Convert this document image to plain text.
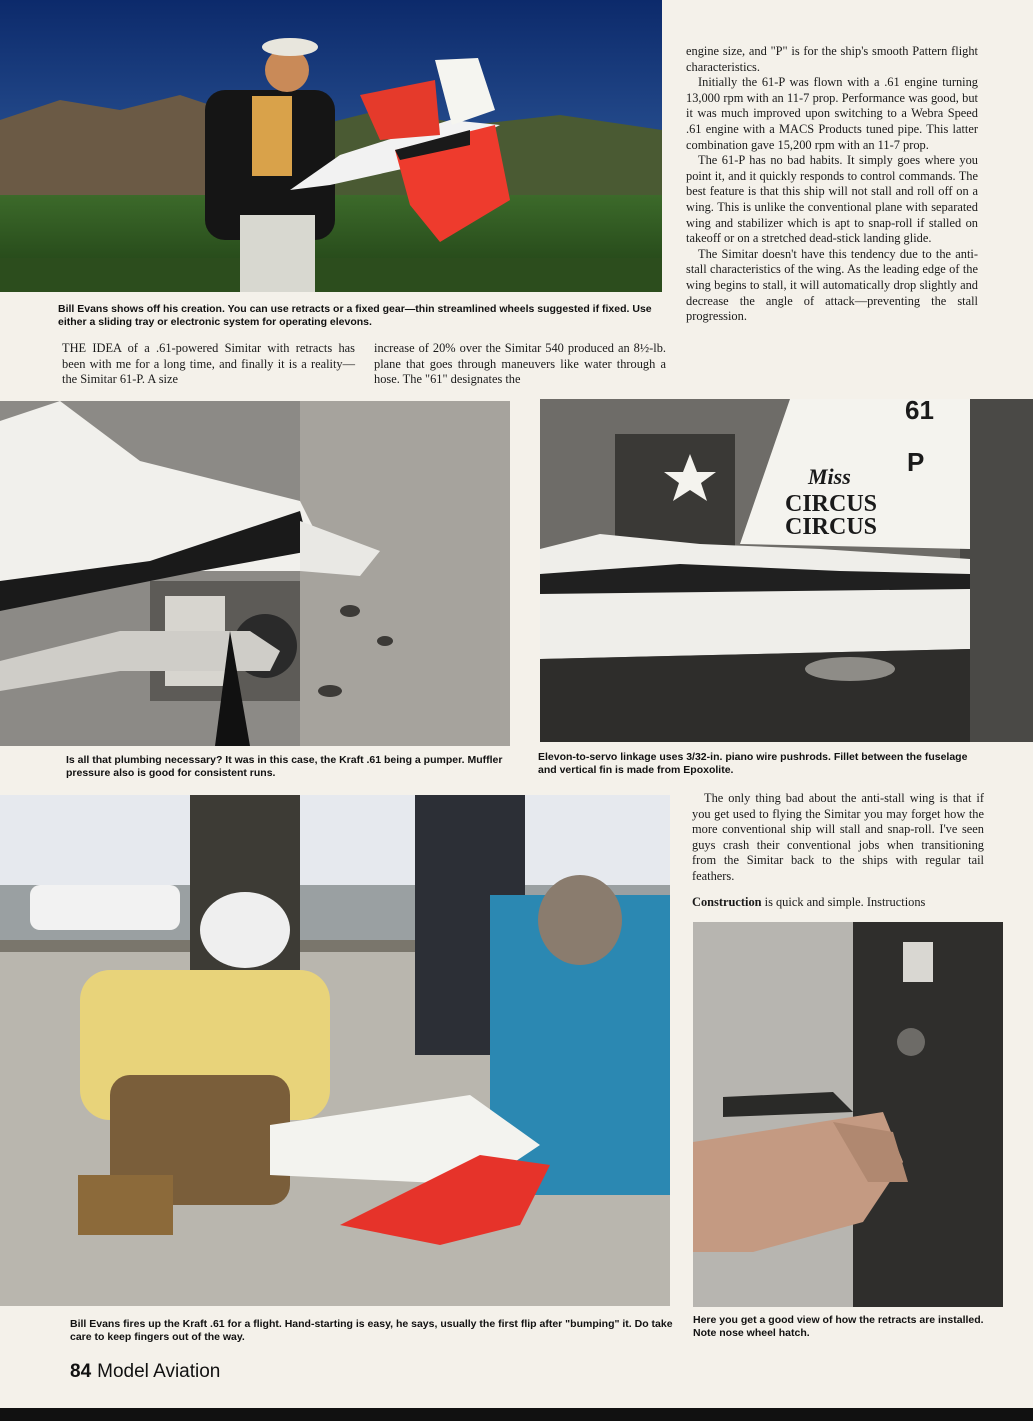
Bill Evans shows off his creation. You can use retracts or a fixed gear—thin streamlined wheels suggested if fixed. Use either a sliding tray or electronic system for operating elevons.

THE IDEA of a .61-powered Simitar with retracts has been with me for a long time, and finally it is a reality—the Simitar 61-P. A size

increase of 20% over the Simitar 540 produced an 8½-lb. plane that goes through maneuvers like water through a hose. The "61" designates the

engine size, and "P" is for the ship's smooth Pattern flight characteristics.

Initially the 61-P was flown with a .61 engine turning 13,000 rpm with an 11-7 prop. Performance was good, but it was much improved upon switching to a Webra Speed .61 engine with a MACS Products tuned pipe. This latter combination gave 15,200 rpm with an 11-7 prop.

The 61-P has no bad habits. It simply goes where you point it, and it quickly responds to control commands. The best feature is that this ship will not stall and roll off on a wing. This is unlike the conventional plane with separated wing and stabilizer which is apt to snap-roll if stalled on takeoff or on a stretched dead-stick landing glide.

The Simitar doesn't have this tendency due to the anti-stall characteristics of the wing. As the leading edge of the wing begins to stall, it will automatically drop slightly and decrease the angle of attack—preventing the stall progression.

61
P
Miss
CIRCUS
CIRCUS
Is all that plumbing necessary? It was in this case, the Kraft .61 being a pumper. Muffler pressure also is good for consistent runs.
Elevon-to-servo linkage uses 3/32-in. piano wire pushrods. Fillet between the fuselage and vertical fin is made from Epoxolite.
Bill Evans fires up the Kraft .61 for a flight. Hand-starting is easy, he says, usually the first flip after "bumping" it. Do take care to keep fingers out of the way.
Here you get a good view of how the retracts are installed. Note nose wheel hatch.

The only thing bad about the anti-stall wing is that if you get used to flying the Simitar you may forget how the more conventional ship will stall and snap-roll. I've seen guys crash their conventional jobs when transitioning from the Simitar back to the ships with regular tail feathers.

Construction is quick and simple. Instructions

84 Model Aviation
